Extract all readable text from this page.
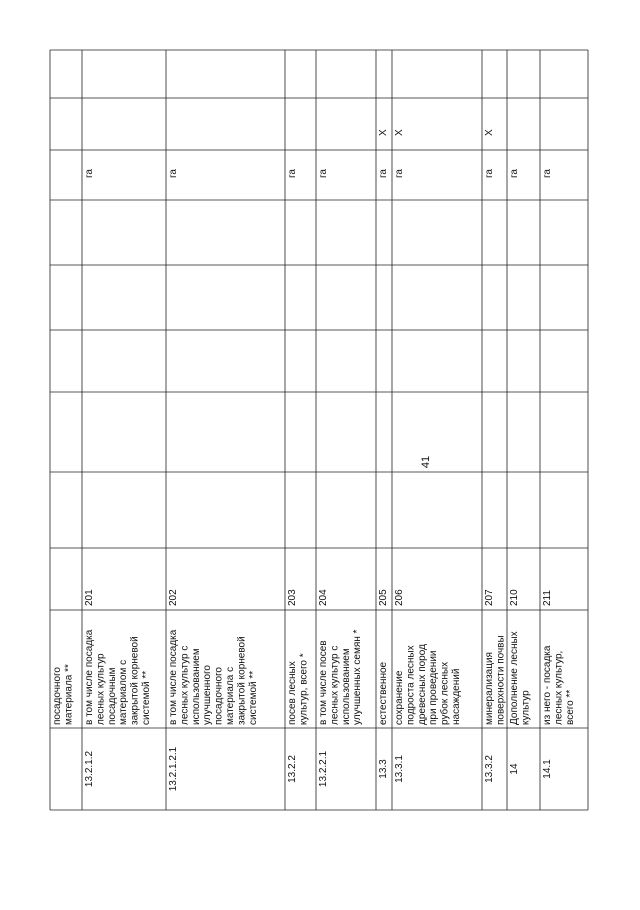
41
посадочного материала **
13.2.1.2
в том числе посадка лесных культур посадочным материалом с закрытой корневой системой **
201
га
13.2.1.2.1
в том числе посадка лесных культур с использованием улучшенного посадочного материала с закрытой корневой системой **
202
га
13.2.2
посев лесных культур, всего *
203
га
13.2.2.1
в том числе посев лесных культур с использованием улучшенных семян *
204
га
13.3
естественное
205
га
X
13.3.1
сохранение подроста лесных древесных пород при проведении рубок лесных насаждений
206
га
X
13.3.2
минерализация поверхности почвы
207
га
X
14
Дополнение лесных культур
210
га
14.1
из него - посадка лесных культур, всего **
211
га
